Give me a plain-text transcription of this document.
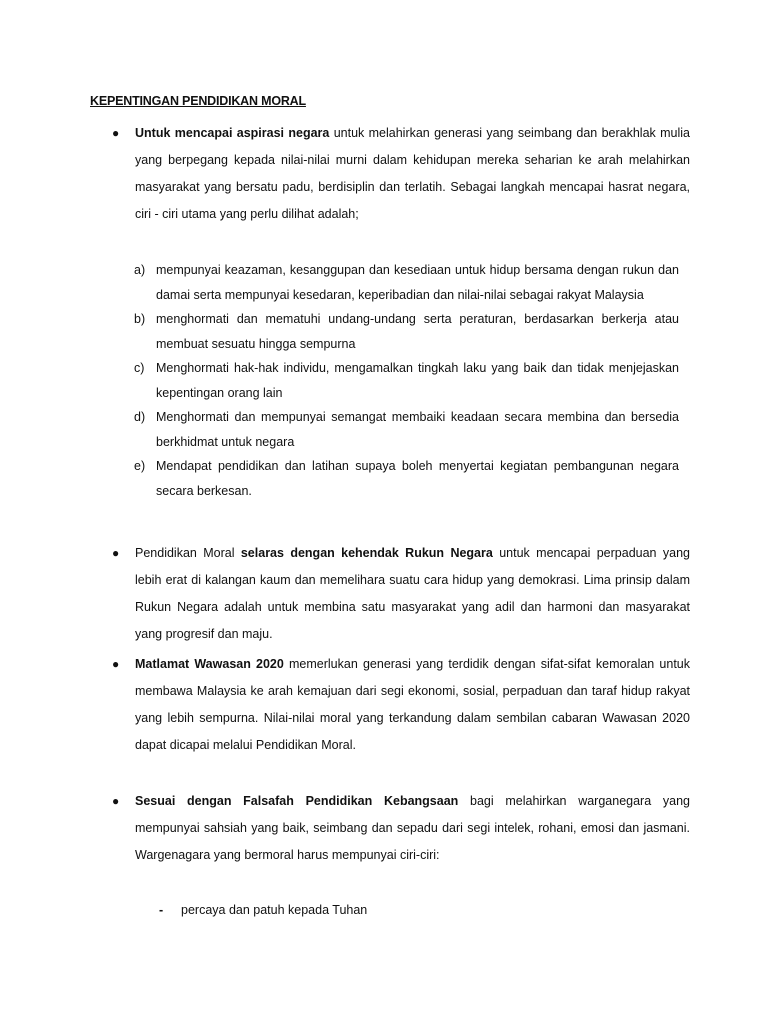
KEPENTINGAN PENDIDIKAN MORAL
● Untuk mencapai aspirasi negara untuk melahirkan generasi yang seimbang dan berakhlak mulia yang berpegang kepada nilai-nilai murni dalam kehidupan mereka seharian ke arah melahirkan masyarakat yang bersatu padu, berdisiplin dan terlatih. Sebagai langkah mencapai hasrat negara, ciri - ciri utama yang perlu dilihat adalah;
a) mempunyai keazaman, kesanggupan dan kesediaan untuk hidup bersama dengan rukun dan damai serta mempunyai kesedaran, keperibadian dan nilai-nilai sebagai rakyat Malaysia
b) menghormati dan mematuhi undang-undang serta peraturan, berdasarkan berkerja atau membuat sesuatu hingga sempurna
c) Menghormati hak-hak individu, mengamalkan tingkah laku yang baik dan tidak menjejaskan kepentingan orang lain
d) Menghormati dan mempunyai semangat membaiki keadaan secara membina dan bersedia berkhidmat untuk negara
e) Mendapat pendidikan dan latihan supaya boleh menyertai kegiatan pembangunan negara secara berkesan.
● Pendidikan Moral selaras dengan kehendak Rukun Negara untuk mencapai perpaduan yang lebih erat di kalangan kaum dan memelihara suatu cara hidup yang demokrasi. Lima prinsip dalam Rukun Negara adalah untuk membina satu masyarakat yang adil dan harmoni dan masyarakat yang progresif dan maju.
● Matlamat Wawasan 2020 memerlukan generasi yang terdidik dengan sifat-sifat kemoralan untuk membawa Malaysia ke arah kemajuan dari segi ekonomi, sosial, perpaduan dan taraf hidup rakyat yang lebih sempurna. Nilai-nilai moral yang terkandung dalam sembilan cabaran Wawasan 2020 dapat dicapai melalui Pendidikan Moral.
● Sesuai dengan Falsafah Pendidikan Kebangsaan bagi melahirkan warganegara yang mempunyai sahsiah yang baik, seimbang dan sepadu dari segi intelek, rohani, emosi dan jasmani. Wargenagara yang bermoral harus mempunyai ciri-ciri:
- percaya dan patuh kepada Tuhan
